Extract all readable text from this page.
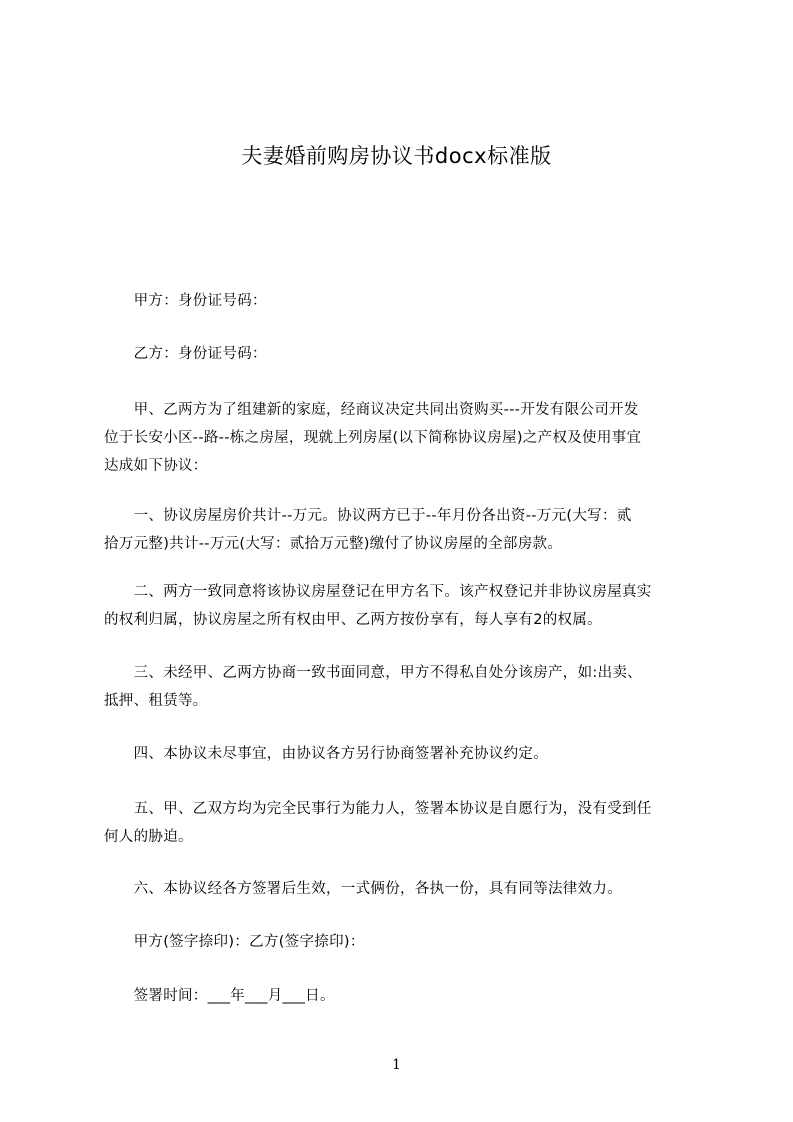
夫妻婚前购房协议书docx标准版
　　甲方：身份证号码：
　　乙方：身份证号码：
　　甲、乙两方为了组建新的家庭，经商议决定共同出资购买---开发有限公司开发
位于长安小区--路--栋之房屋，现就上列房屋(以下简称协议房屋)之产权及使用事宜
达成如下协议：
　　一、协议房屋房价共计--万元。协议两方已于--年月份各出资--万元(大写：贰
拾万元整)共计--万元(大写：贰拾万元整)缴付了协议房屋的全部房款。
　　二、两方一致同意将该协议房屋登记在甲方名下。该产权登记并非协议房屋真实
的权利归属，协议房屋之所有权由甲、乙两方按份享有，每人享有2的权属。
　　三、未经甲、乙两方协商一致书面同意，甲方不得私自处分该房产，如:出卖、
抵押、租赁等。
　　四、本协议未尽事宜，由协议各方另行协商签署补充协议约定。
　　五、甲、乙双方均为完全民事行为能力人，签署本协议是自愿行为，没有受到任
何人的胁迫。
　　六、本协议经各方签署后生效，一式俩份，各执一份，具有同等法律效力。
　　甲方(签字捺印)：乙方(签字捺印)：
　　签署时间：___年___月___日。
1
